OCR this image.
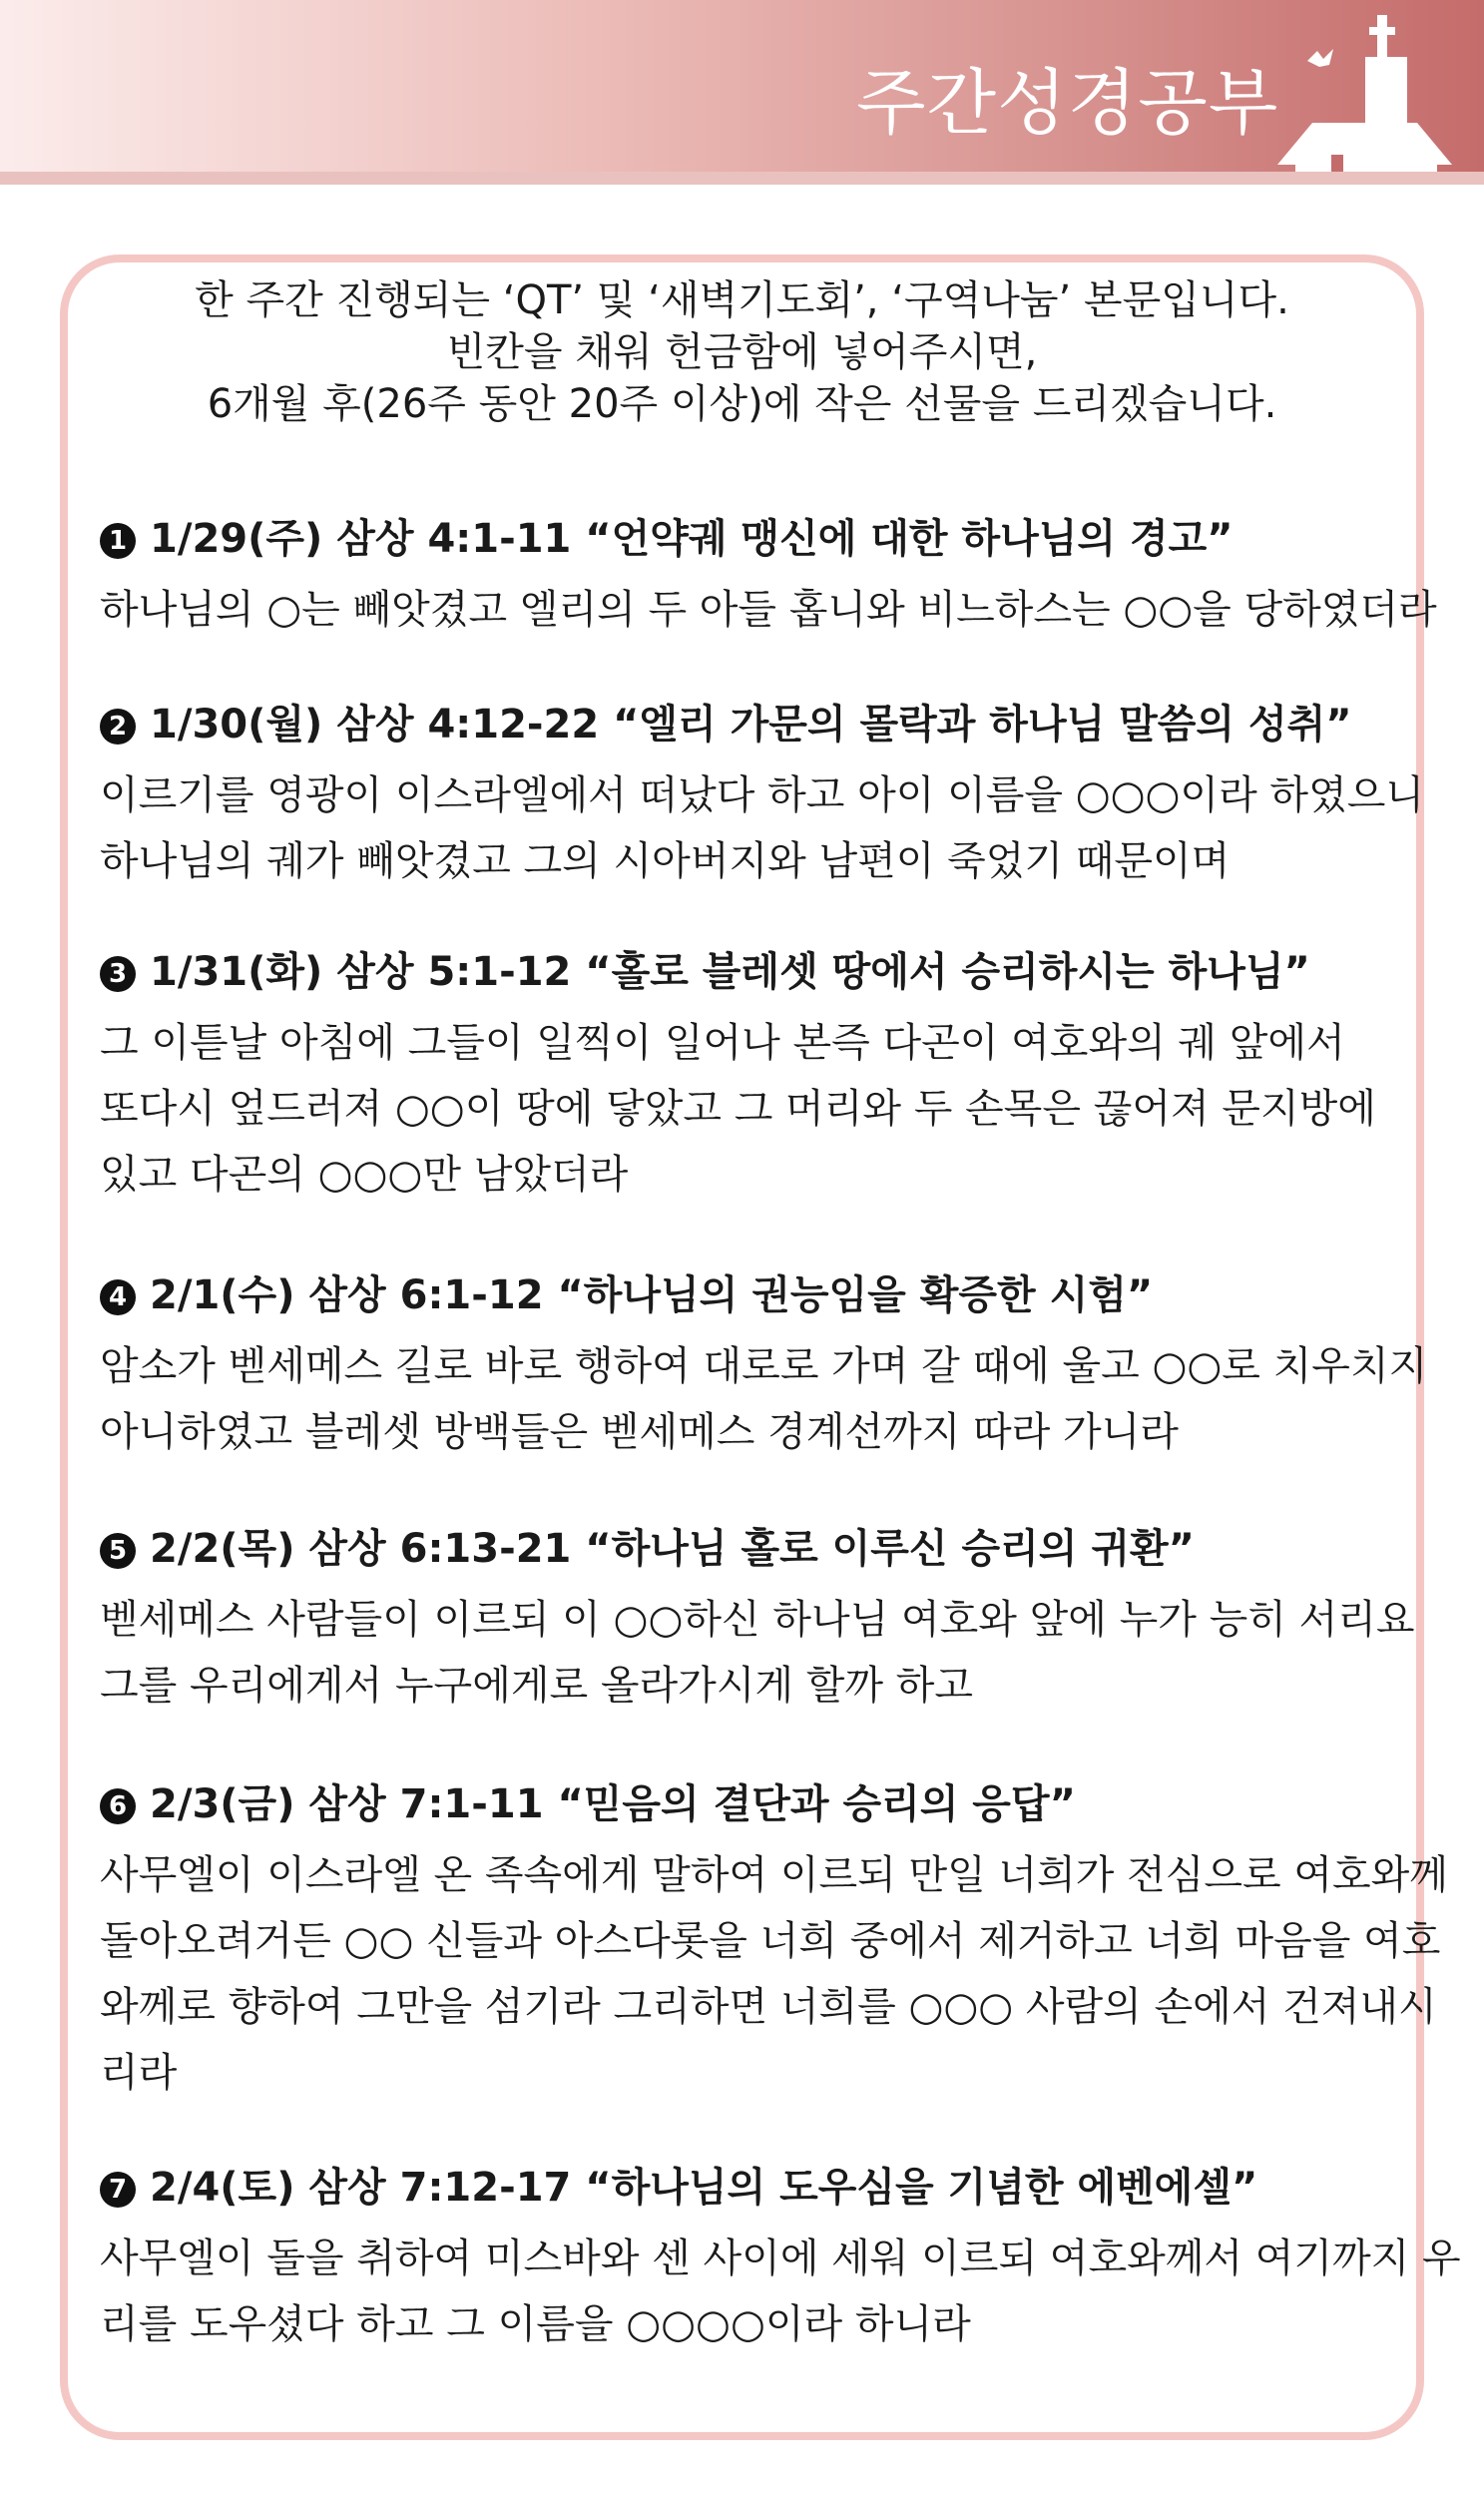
주간성경공부
한 주간 진행되는 ‘QT’ 및 ‘새벽기도회’, ‘구역나눔’ 본문입니다.
빈칸을 채워 헌금함에 넣어주시면,
6개월 후(26주 동안 20주 이상)에 작은 선물을 드리겠습니다.
1 1/29(주) 삼상 4:1-11 “언약궤 맹신에 대한 하나님의 경고”
하나님의 ○는 빼앗겼고 엘리의 두 아들 홉니와 비느하스는 ○○을 당하였더라
2 1/30(월) 삼상 4:12-22 “엘리 가문의 몰락과 하나님 말씀의 성취”
이르기를 영광이 이스라엘에서 떠났다 하고 아이 이름을 ○○○이라 하였으니
하나님의 궤가 빼앗겼고 그의 시아버지와 남편이 죽었기 때문이며
3 1/31(화) 삼상 5:1-12 “홀로 블레셋 땅에서 승리하시는 하나님”
그 이튿날 아침에 그들이 일찍이 일어나 본즉 다곤이 여호와의 궤 앞에서
또다시 엎드러져 ○○이 땅에 닿았고 그 머리와 두 손목은 끊어져 문지방에
있고 다곤의 ○○○만 남았더라
4 2/1(수) 삼상 6:1-12 “하나님의 권능임을 확증한 시험”
암소가 벧세메스 길로 바로 행하여 대로로 가며 갈 때에 울고 ○○로 치우치지
아니하였고 블레셋 방백들은 벧세메스 경계선까지 따라 가니라
5 2/2(목) 삼상 6:13-21 “하나님 홀로 이루신 승리의 귀환”
벧세메스 사람들이 이르되 이 ○○하신 하나님 여호와 앞에 누가 능히 서리요
그를 우리에게서 누구에게로 올라가시게 할까 하고
6 2/3(금) 삼상 7:1-11 “믿음의 결단과 승리의 응답”
사무엘이 이스라엘 온 족속에게 말하여 이르되 만일 너희가 전심으로 여호와께
돌아오려거든 ○○ 신들과 아스다롯을 너희 중에서 제거하고 너희 마음을 여호
와께로 향하여 그만을 섬기라 그리하면 너희를 ○○○ 사람의 손에서 건져내시
리라
7 2/4(토) 삼상 7:12-17 “하나님의 도우심을 기념한 에벤에셀”
사무엘이 돌을 취하여 미스바와 센 사이에 세워 이르되 여호와께서 여기까지 우
리를 도우셨다 하고 그 이름을 ○○○○이라 하니라
